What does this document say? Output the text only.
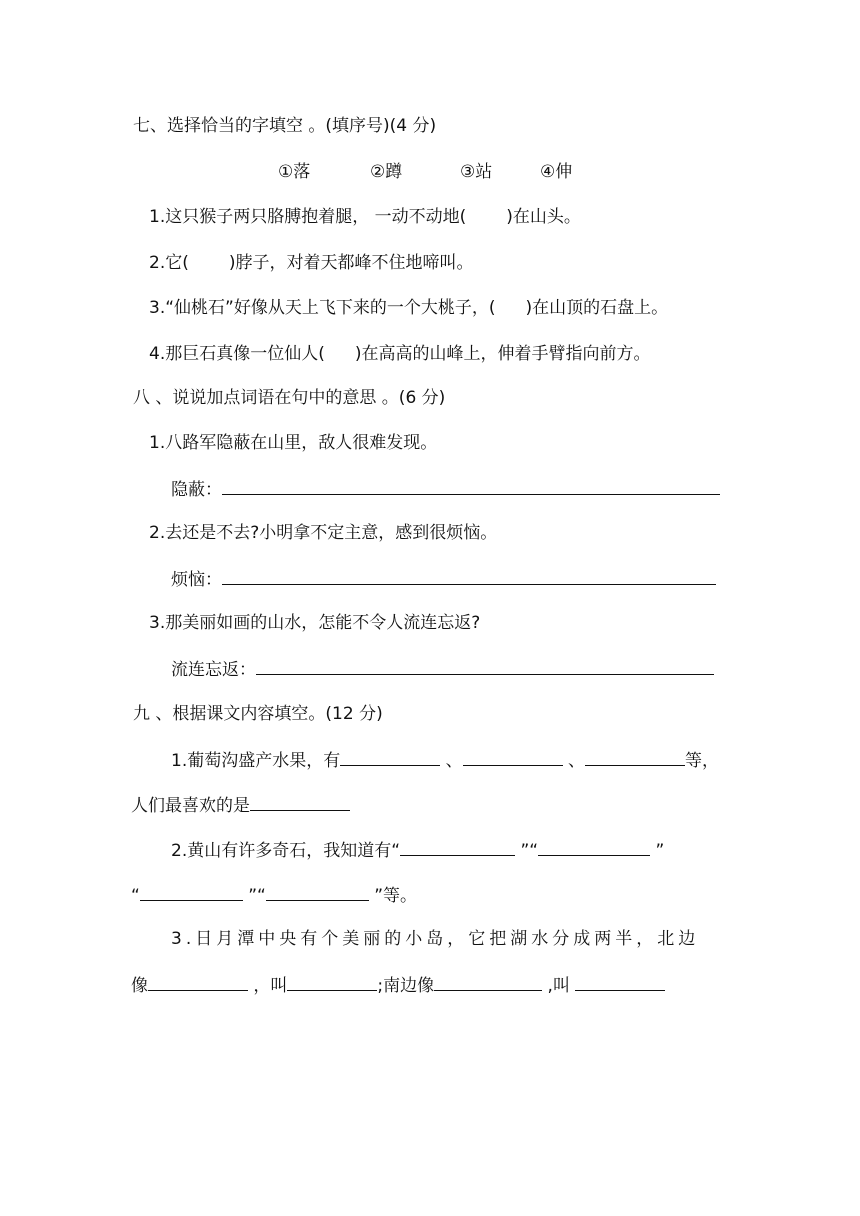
七、选择恰当的字填空 。(填序号)(4 分)
①落	②蹲	③站	④伸
1.这只猴子两只胳膊抱着腿， 一动不动地( )在山头。
2.它( )脖子，对着天都峰不住地啼叫。
3.“仙桃石”好像从天上飞下来的一个大桃子，( )在山顶的石盘上。
4.那巨石真像一位仙人( )在高高的山峰上，伸着手臂指向前方。
八 、说说加点词语在句中的意思 。(6 分)
1.八路军隐蔽在山里，敌人很难发现。
隐蔽：
2.去还是不去?小明拿不定主意，感到很烦恼。
烦恼：
3.那美丽如画的山水，怎能不令人流连忘返?
流连忘返：
九 、根据课文内容填空。(12 分)
1.葡萄沟盛产水果，有	、	、	等，
人们最喜欢的是
2.黄山有许多奇石，我知道有“	”“	”
“	”“	”等。
3.日月潭中央有个美丽的小岛，它把湖水分成两半，北边
像	，叫	;南边像	,叫
